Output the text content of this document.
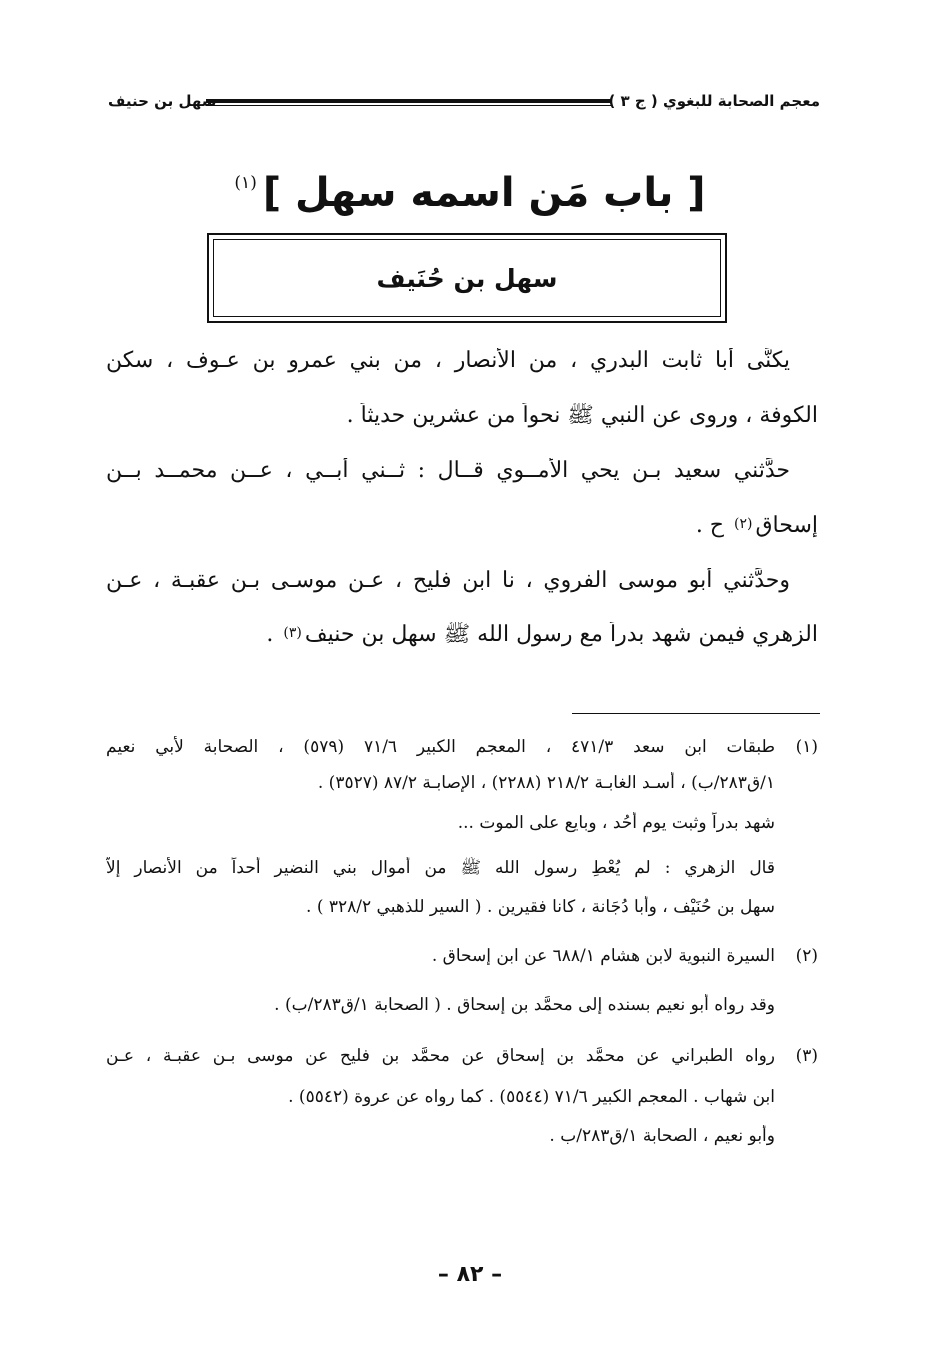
معجم الصحابة للبغوي ( ج ٣ )
سهل بن حنيف
[ باب مَن اسمه سهل ](١)
سهل بن حُنَيف
يكنَّى أبا ثابت البدري ، من الأنصار ، من بني عمرو بن عـوف ، سكن
الكوفة ، وروى عن النبي ﷺ نحواً من عشرين حديثاً .
حدَّثني سعيد بـن يحي الأمــوي قــال : ثــني أبــي ، عــن محمــد بــن
إسحاق$^{(٢)}$ ح .
وحدَّثني أبو موسى الفروي ، نا ابن فليح ، عـن موسـى بـن عقبـة ، عـن
الزهري فيمن شهد بدراً مع رسول الله ﷺ سهل بن حنيف$^{(٣)}$ .
(١)طبقات ابن سعد ٤٧١/٣ ، المعجم الكبير ٧١/٦ (٥٧٩) ، الصحابة لأبي نعيم
١/ق٢٨٣/ب) ، أسـد الغابـة ٢١٨/٢ (٢٢٨٨) ، الإصابـة ٨٧/٢ (٣٥٢٧) .
شهد بدراً وثبت يوم أُحُد ، وبايع على الموت ...
قال الزهري : لم يُعْطِ رسول الله ﷺ من أموال بني النضير أحداً من الأنصار إلاّ
سهل بن حُنَيْف ، وأبا دُجَانة ، كانا فقيرين . ( السير للذهبي ٣٢٨/٢ ) .
(٢)السيرة النبوية لابن هشام ٦٨٨/١ عن ابن إسحاق .
وقد رواه أبو نعيم بسنده إلى محمَّد بن إسحاق . ( الصحابة ١/ق٢٨٣/ب) .
(٣)رواه الطبراني عن محمَّد بن إسحاق عن محمَّد بن فليح عن موسى بـن عقبـة ، عـن
ابن شهاب . المعجم الكبير ٧١/٦ (٥٥٤٤) . كما رواه عن عروة (٥٥٤٢) .
وأبو نعيم ، الصحابة ١/ق٢٨٣/ب .
– ٨٢ –
